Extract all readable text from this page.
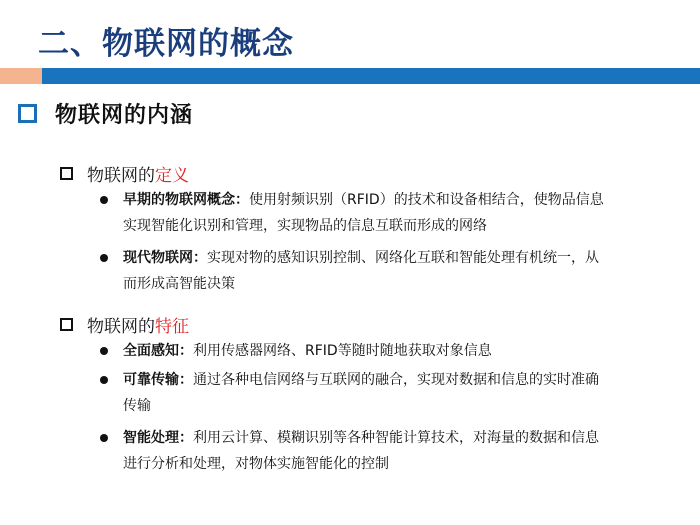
二、物联网的概念
物联网的内涵
物联网的定义
早期的物联网概念：使用射频识别（RFID）的技术和设备相结合，使物品信息实现智能化识别和管理，实现物品的信息互联而形成的网络
现代物联网：实现对物的感知识别控制、网络化互联和智能处理有机统一，从而形成高智能决策
物联网的特征
全面感知：利用传感器网络、RFID等随时随地获取对象信息
可靠传输：通过各种电信网络与互联网的融合，实现对数据和信息的实时准确传输
智能处理：利用云计算、模糊识别等各种智能计算技术，对海量的数据和信息进行分析和处理，对物体实施智能化的控制
